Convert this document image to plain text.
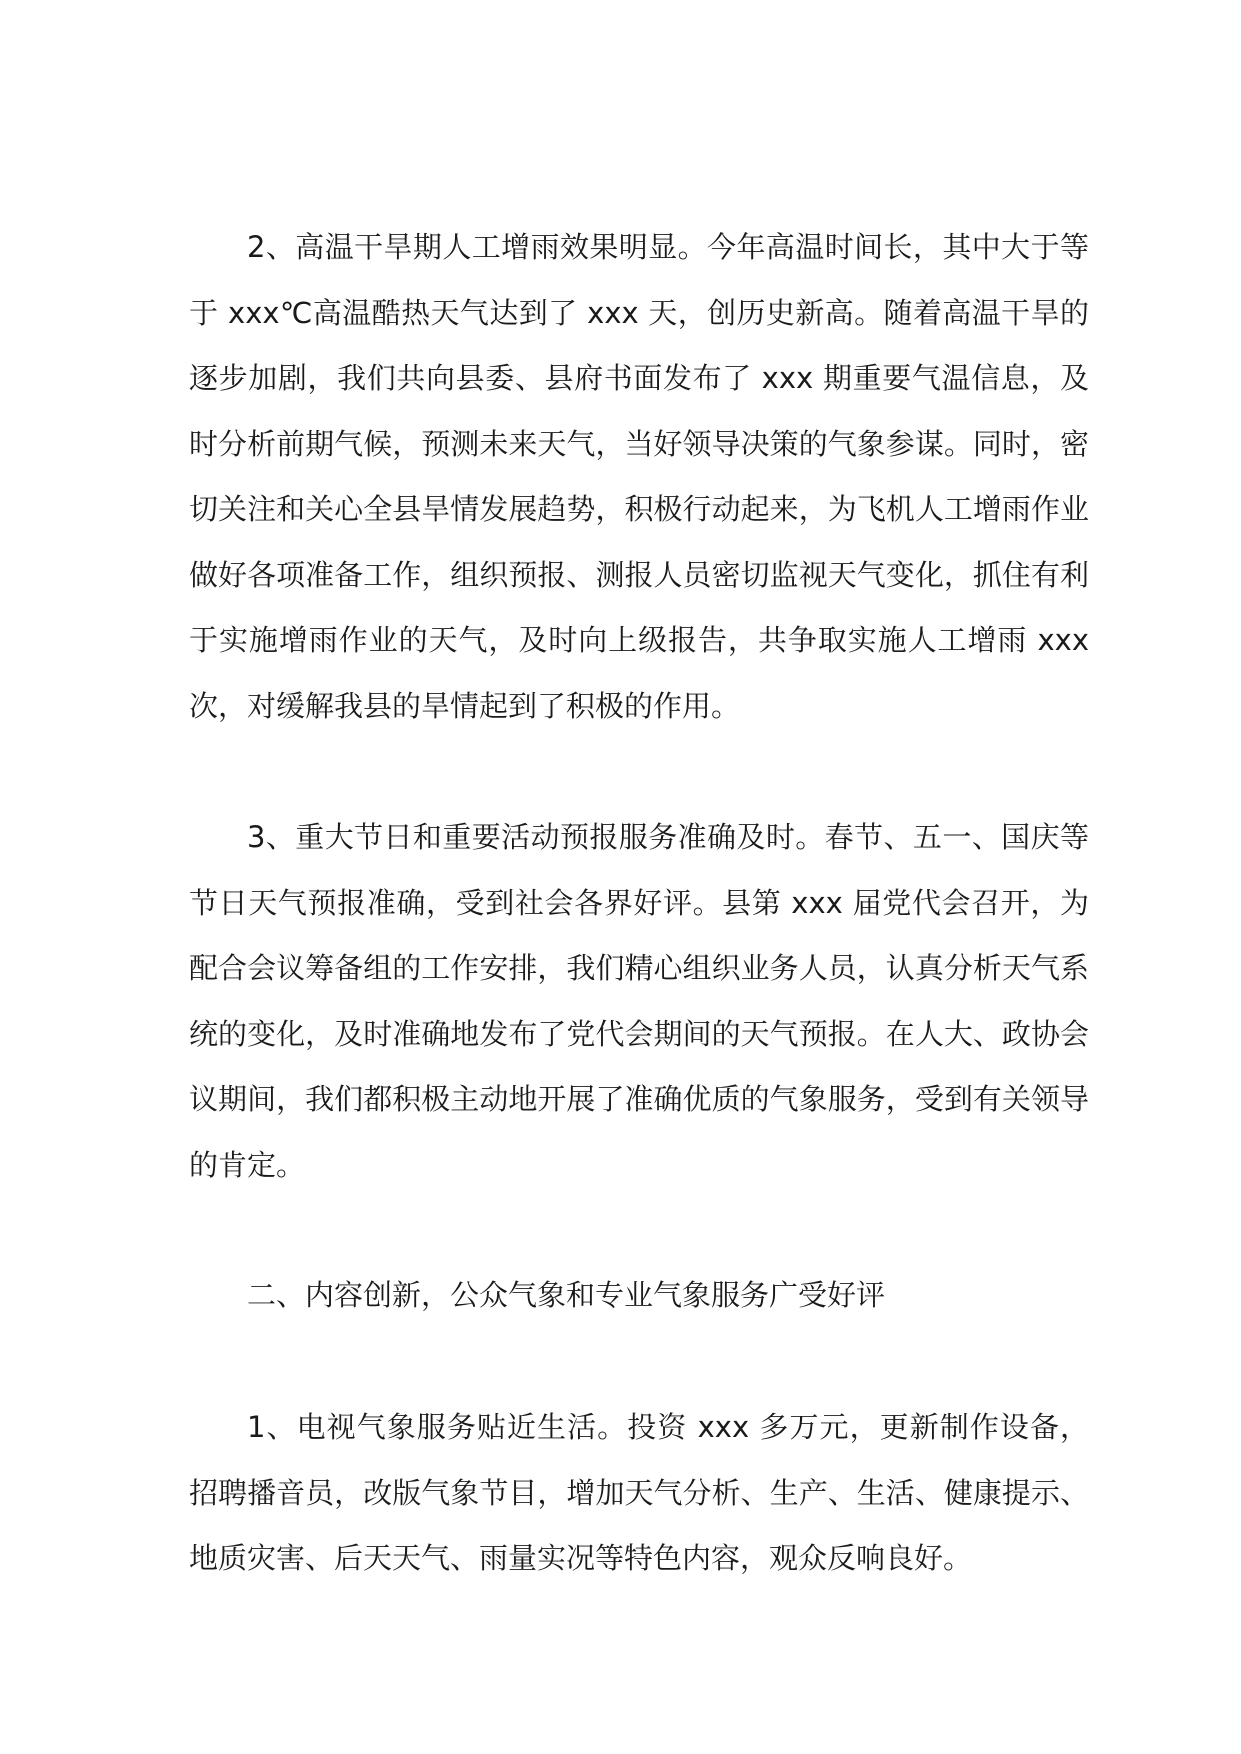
2、高温干旱期人工增雨效果明显。今年高温时间长，其中大于等于 xxx℃高温酷热天气达到了 xxx 天，创历史新高。随着高温干旱的逐步加剧，我们共向县委、县府书面发布了 xxx 期重要气温信息，及时分析前期气候，预测未来天气，当好领导决策的气象参谋。同时，密切关注和关心全县旱情发展趋势，积极行动起来，为飞机人工增雨作业做好各项准备工作，组织预报、测报人员密切监视天气变化，抓住有利于实施增雨作业的天气，及时向上级报告，共争取实施人工增雨 xxx 次，对缓解我县的旱情起到了积极的作用。

3、重大节日和重要活动预报服务准确及时。春节、五一、国庆等节日天气预报准确，受到社会各界好评。县第 xxx 届党代会召开，为配合会议筹备组的工作安排，我们精心组织业务人员，认真分析天气系统的变化，及时准确地发布了党代会期间的天气预报。在人大、政协会议期间，我们都积极主动地开展了准确优质的气象服务，受到有关领导的肯定。

二、内容创新，公众气象和专业气象服务广受好评

1、电视气象服务贴近生活。投资 xxx 多万元，更新制作设备，招聘播音员，改版气象节目，增加天气分析、生产、生活、健康提示、地质灾害、后天天气、雨量实况等特色内容，观众反响良好。
